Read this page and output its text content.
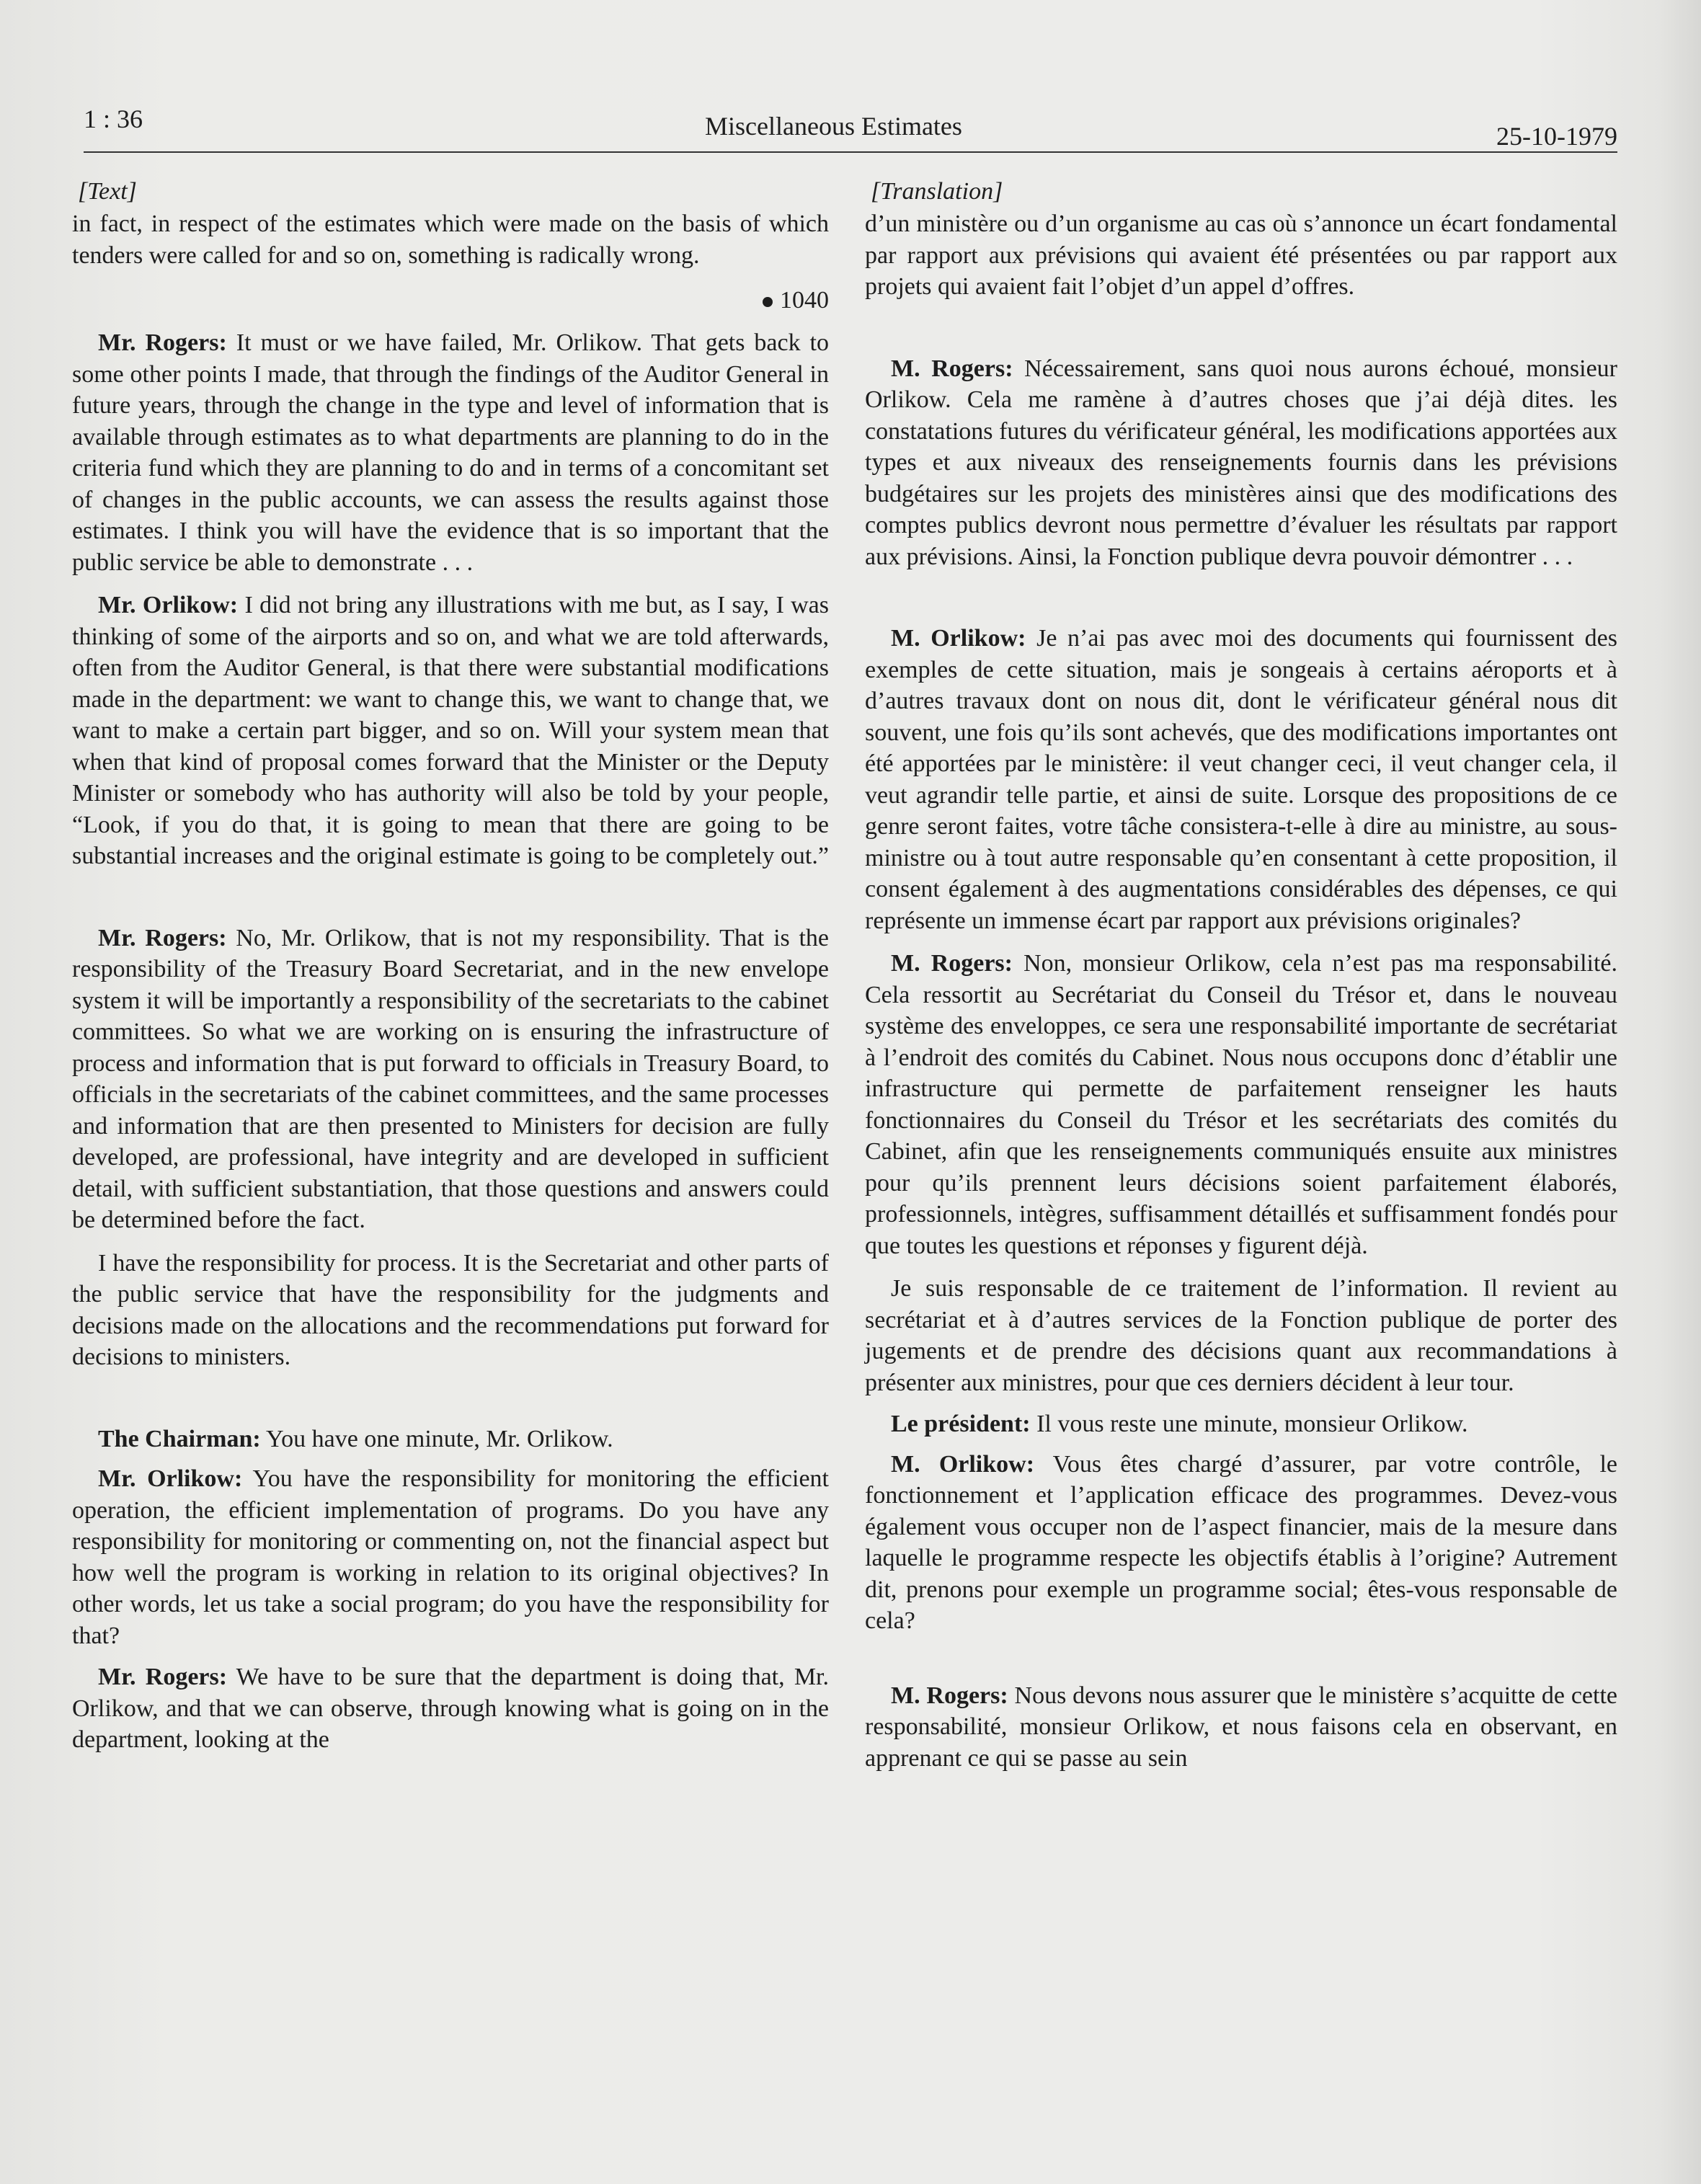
1 : 36	Miscellaneous Estimates	25-10-1979
[Text]

in fact, in respect of the estimates which were made on the basis of which tenders were called for and so on, something is radically wrong.

1040

Mr. Rogers: It must or we have failed, Mr. Orlikow. That gets back to some other points I made, that through the findings of the Auditor General in future years, through the change in the type and level of information that is available through estimates as to what departments are planning to do in the criteria fund which they are planning to do and in terms of a concomitant set of changes in the public accounts, we can assess the results against those estimates. I think you will have the evidence that is so important that the public service be able to demonstrate . . .

Mr. Orlikow: I did not bring any illustrations with me but, as I say, I was thinking of some of the airports and so on, and what we are told afterwards, often from the Auditor General, is that there were substantial modifications made in the department: we want to change this, we want to change that, we want to make a certain part bigger, and so on. Will your system mean that when that kind of proposal comes forward that the Minister or the Deputy Minister or somebody who has authority will also be told by your people, “Look, if you do that, it is going to mean that there are going to be substantial increases and the original estimate is going to be completely out.”

Mr. Rogers: No, Mr. Orlikow, that is not my responsibility. That is the responsibility of the Treasury Board Secretariat, and in the new envelope system it will be importantly a responsibility of the secretariats to the cabinet committees. So what we are working on is ensuring the infrastructure of process and information that is put forward to officials in Treasury Board, to officials in the secretariats of the cabinet committees, and the same processes and information that are then presented to Ministers for decision are fully developed, are professional, have integrity and are developed in sufficient detail, with sufficient substantiation, that those questions and answers could be determined before the fact.

I have the responsibility for process. It is the Secretariat and other parts of the public service that have the responsibility for the judgments and decisions made on the allocations and the recommendations put forward for decisions to ministers.

The Chairman: You have one minute, Mr. Orlikow.

Mr. Orlikow: You have the responsibility for monitoring the efficient operation, the efficient implementation of programs. Do you have any responsibility for monitoring or commenting on, not the financial aspect but how well the program is working in relation to its original objectives? In other words, let us take a social program; do you have the responsibility for that?

Mr. Rogers: We have to be sure that the department is doing that, Mr. Orlikow, and that we can observe, through knowing what is going on in the department, looking at the

[Translation]

d’un ministère ou d’un organisme au cas où s’annonce un écart fondamental par rapport aux prévisions qui avaient été présentées ou par rapport aux projets qui avaient fait l’objet d’un appel d’offres.

M. Rogers: Nécessairement, sans quoi nous aurons échoué, monsieur Orlikow. Cela me ramène à d’autres choses que j’ai déjà dites. les constatations futures du vérificateur général, les modifications apportées aux types et aux niveaux des renseignements fournis dans les prévisions budgétaires sur les projets des ministères ainsi que des modifications des comptes publics devront nous permettre d’évaluer les résultats par rapport aux prévisions. Ainsi, la Fonction publique devra pouvoir démontrer . . .

M. Orlikow: Je n’ai pas avec moi des documents qui fournissent des exemples de cette situation, mais je songeais à certains aéroports et à d’autres travaux dont on nous dit, dont le vérificateur général nous dit souvent, une fois qu’ils sont achevés, que des modifications importantes ont été apportées par le ministère: il veut changer ceci, il veut changer cela, il veut agrandir telle partie, et ainsi de suite. Lorsque des propositions de ce genre seront faites, votre tâche consistera-t-elle à dire au ministre, au sous-ministre ou à tout autre responsable qu’en consentant à cette proposition, il consent également à des augmentations considérables des dépenses, ce qui représente un immense écart par rapport aux prévisions originales?

M. Rogers: Non, monsieur Orlikow, cela n’est pas ma responsabilité. Cela ressortit au Secrétariat du Conseil du Trésor et, dans le nouveau système des enveloppes, ce sera une responsabilité importante de secrétariat à l’endroit des comités du Cabinet. Nous nous occupons donc d’établir une infrastructure qui permette de parfaitement renseigner les hauts fonctionnaires du Conseil du Trésor et les secrétariats des comités du Cabinet, afin que les renseignements communiqués ensuite aux ministres pour qu’ils prennent leurs décisions soient parfaitement élaborés, professionnels, intègres, suffisamment détaillés et suffisamment fondés pour que toutes les questions et réponses y figurent déjà.

Je suis responsable de ce traitement de l’information. Il revient au secrétariat et à d’autres services de la Fonction publique de porter des jugements et de prendre des décisions quant aux recommandations à présenter aux ministres, pour que ces derniers décident à leur tour.

Le président: Il vous reste une minute, monsieur Orlikow.

M. Orlikow: Vous êtes chargé d’assurer, par votre contrôle, le fonctionnement et l’application efficace des programmes. Devez-vous également vous occuper non de l’aspect financier, mais de la mesure dans laquelle le programme respecte les objectifs établis à l’origine? Autrement dit, prenons pour exemple un programme social; êtes-vous responsable de cela?

M. Rogers: Nous devons nous assurer que le ministère s’acquitte de cette responsabilité, monsieur Orlikow, et nous faisons cela en observant, en apprenant ce qui se passe au sein
